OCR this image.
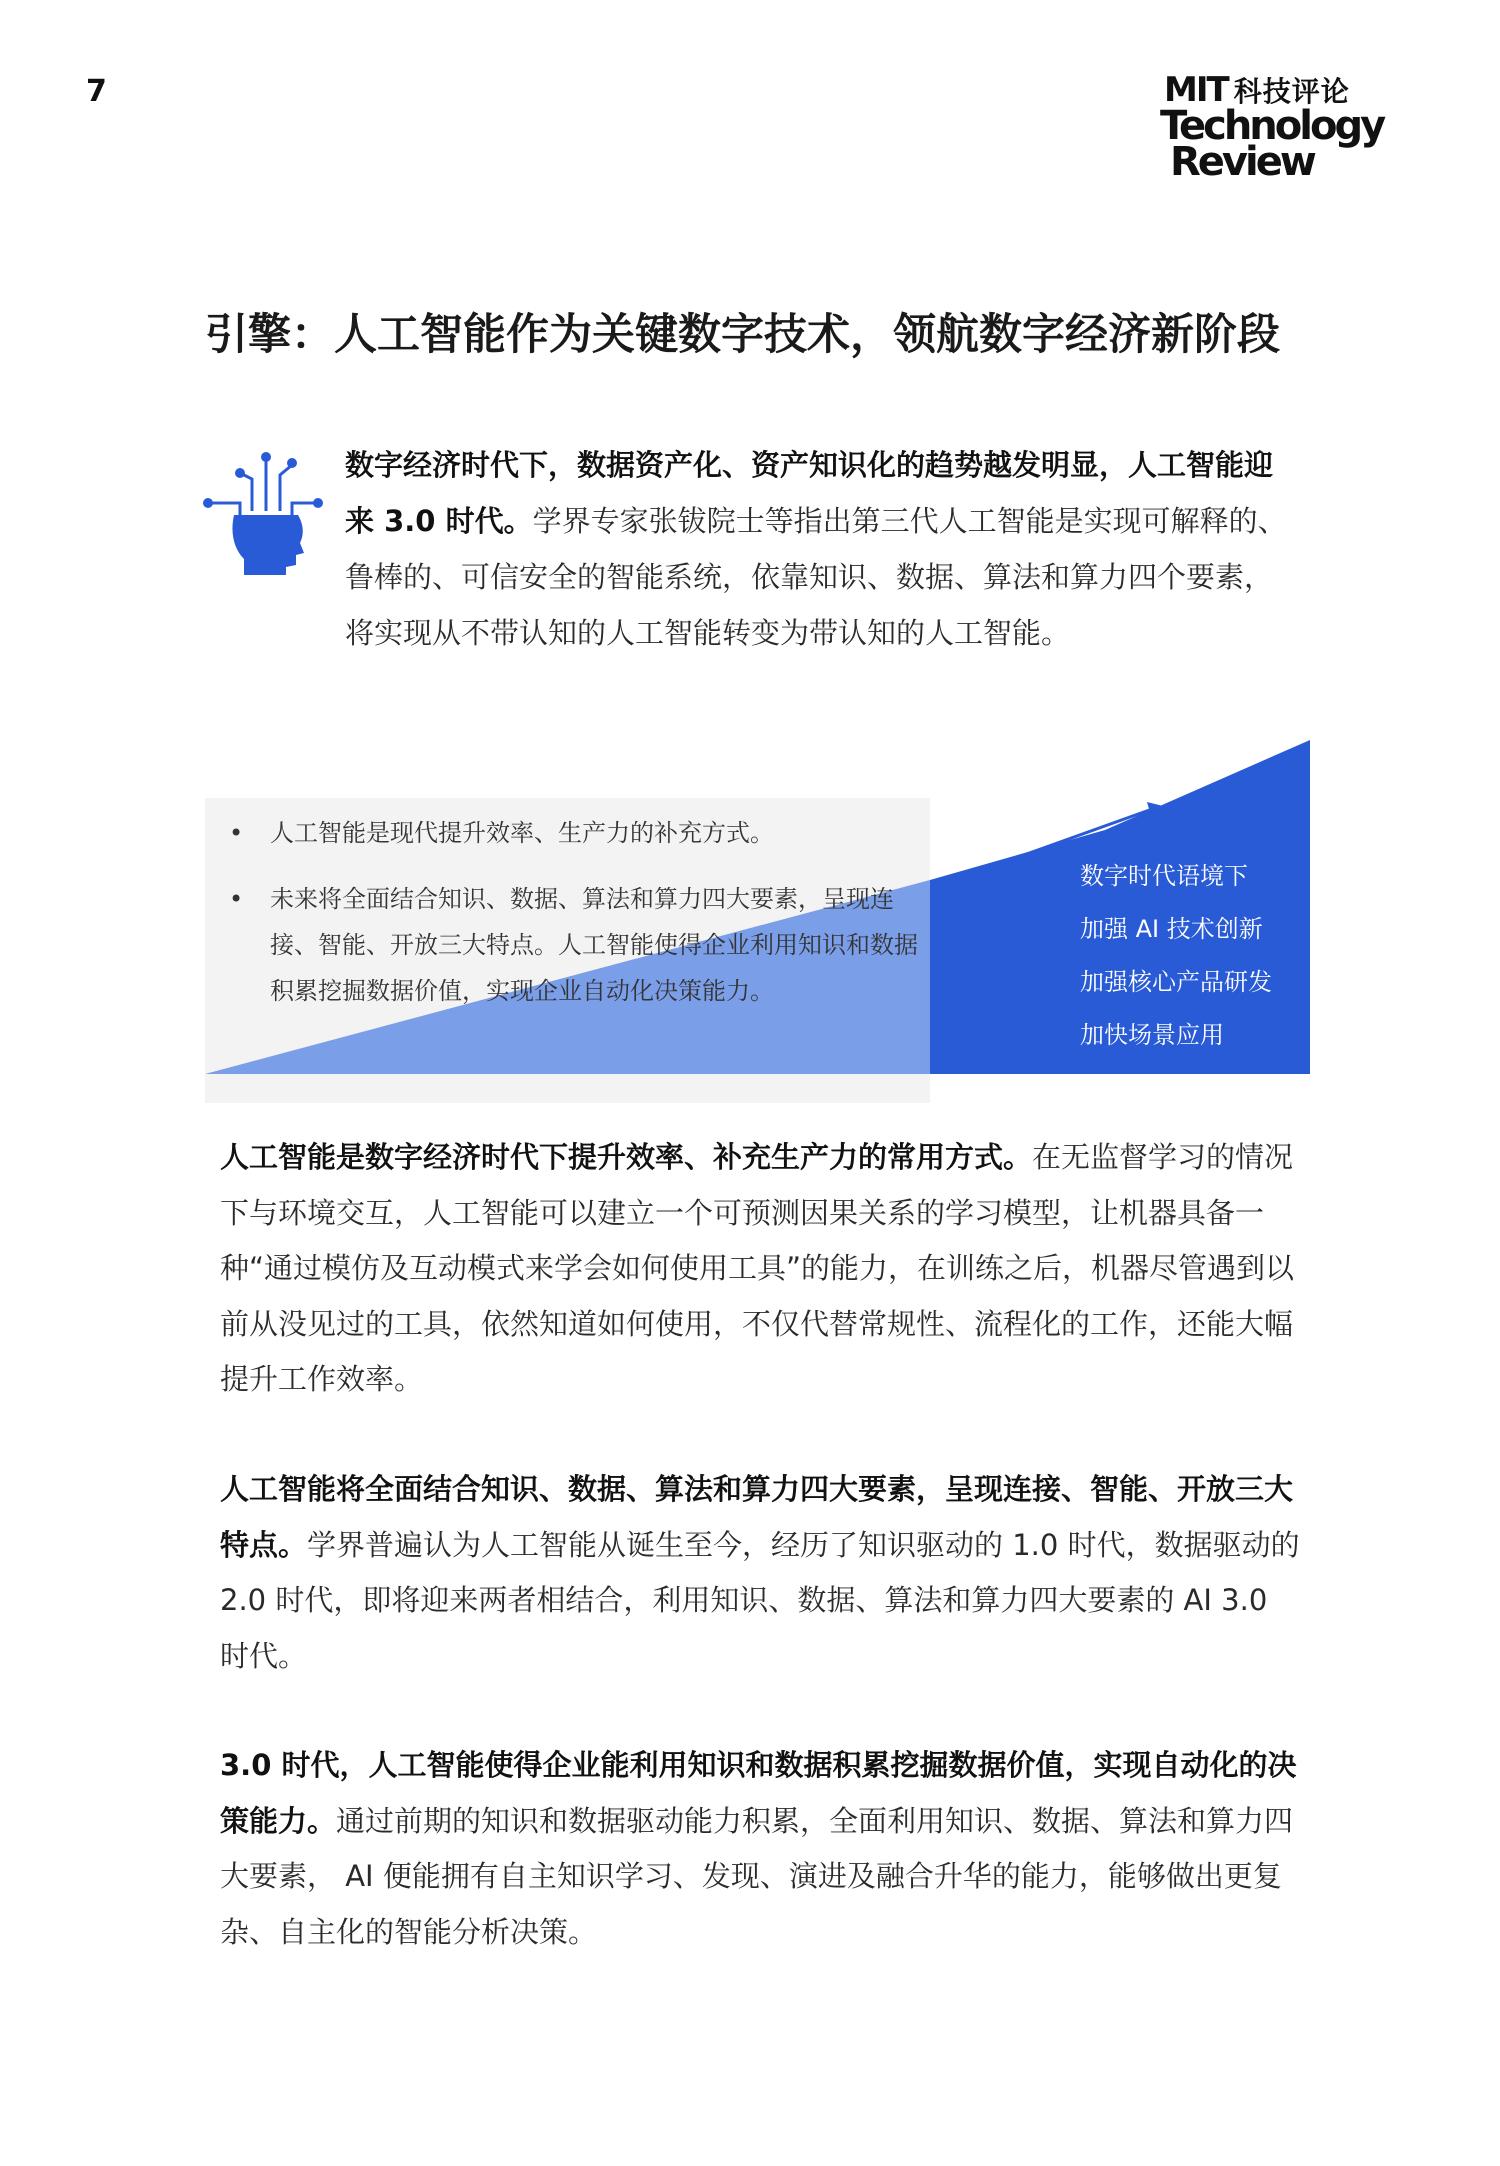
7	MIT 科技评论
Technology
Review
引擎：人工智能作为关键数字技术，领航数字经济新阶段
数字经济时代下，数据资产化、资产知识化的趋势越发明显，人工智能迎来 3.0 时代。学界专家张钹院士等指出第三代人工智能是实现可解释的、鲁棒的、可信安全的智能系统，依靠知识、数据、算法和算力四个要素， 将实现从不带认知的人工智能转变为带认知的人工智能。
• 人工智能是现代提升效率、生产力的补充方式。
• 未来将全面结合知识、数据、算法和算力四大要素，呈现连接、智能、开放三大特点。人工智能使得企业利用知识和数据积累挖掘数据价值，实现企业自动化决策能力。
数字时代语境下
加强 AI 技术创新
加强核心产品研发
加快场景应用
人工智能是数字经济时代下提升效率、补充生产力的常用方式。在无监督学习的情况下与环境交互，人工智能可以建立一个可预测因果关系的学习模型，让机器具备一种“通过模仿及互动模式来学会如何使用工具”的能力，在训练之后，机器尽管遇到以前从没见过的工具，依然知道如何使用，不仅代替常规性、流程化的工作，还能大幅提升工作效率。
人工智能将全面结合知识、数据、算法和算力四大要素，呈现连接、智能、开放三大特点。学界普遍认为人工智能从诞生至今，经历了知识驱动的 1.0 时代，数据驱动的 2.0 时代，即将迎来两者相结合，利用知识、数据、算法和算力四大要素的 AI 3.0 时代。
3.0 时代，人工智能使得企业能利用知识和数据积累挖掘数据价值，实现自动化的决策能力。通过前期的知识和数据驱动能力积累，全面利用知识、数据、算法和算力四大要素， AI 便能拥有自主知识学习、发现、演进及融合升华的能力，能够做出更复杂、自主化的智能分析决策。
